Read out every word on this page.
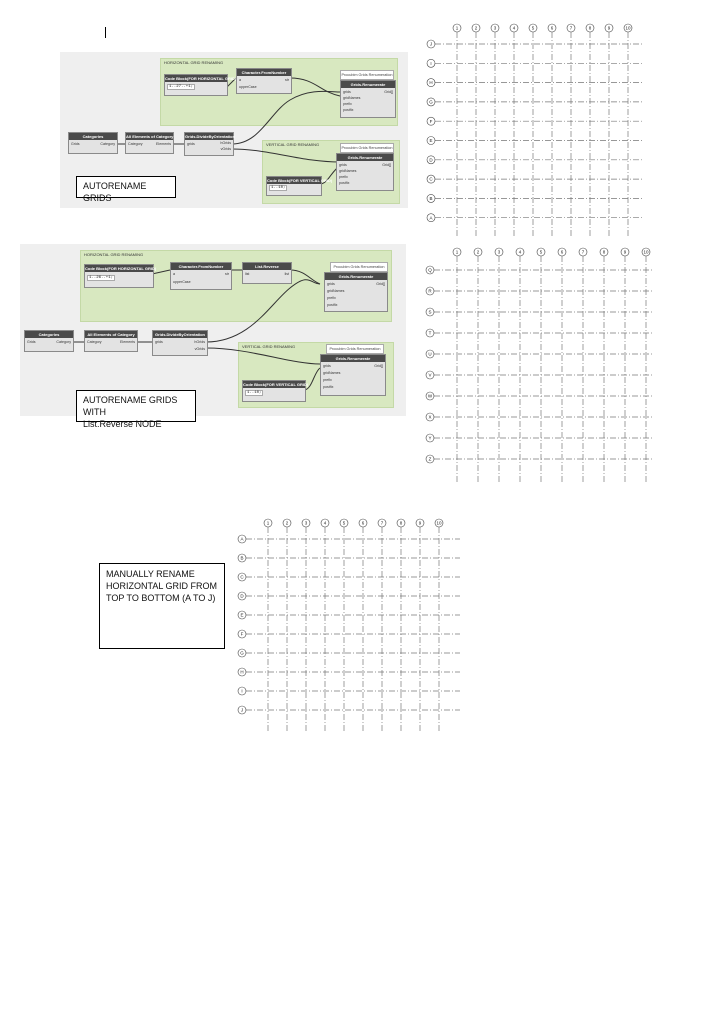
HORIZONTAL GRID RENAMING
VERTICAL GRID RENAMING
Categories
Grids	Category
All Elements of Category
Category	Elements
Grids.DivideByOrientation
grids	hGrids
vGrids
Code Block(FOR HORIZONTAL GRID)
1..27..+1;
Character.FromNumber
a
upperCase
str
Procubim Grids Renumeration
Grids.Renumerate
grids
gridNames
prefix
postfix
Grid[]
Code Block(FOR VERTICAL GRID)
1..10;
Procubim Grids Renumeration
Grids.Renumerate
grids
gridNames
prefix
postfix
Grid[]
AUTORENAME GRIDS
HORIZONTAL GRID RENAMING
VERTICAL GRID RENAMING
Categories
Grids	Category
All Elements of Category
Category	Elements
Grids.DivideByOrientation
grids	hGrids
vGrids
Code Block(FOR HORIZONTAL GRID)
1..26..+1;
Character.FromNumber
a
upperCase
str
List.Reverse
list	list
Procubim Grids Renumeration
Grids.Renumerate
grids
gridNames
prefix
postfix
Grid[]
Code Block(FOR VERTICAL GRID)
1..10;
Procubim Grids Renumeration
Grids.Renumerate
grids
gridNames
prefix
postfix
Grid[]
AUTORENAME GRIDS WITH
List.Reverse NODE
1	2	3	4	5	6	7	8	9	10
J
I
H
G
F
E
D
C
B
A
1	2	3	4	5	6	7	8	9	10
Q
R
S
T
U
V
W
X
Y
Z
1	2	3	4	5	6	7	8	9	10
A
B
C
D
E
F
G
H
I
J
MANUALLY RENAME
HORIZONTAL GRID FROM
TOP TO BOTTOM (A TO J)
